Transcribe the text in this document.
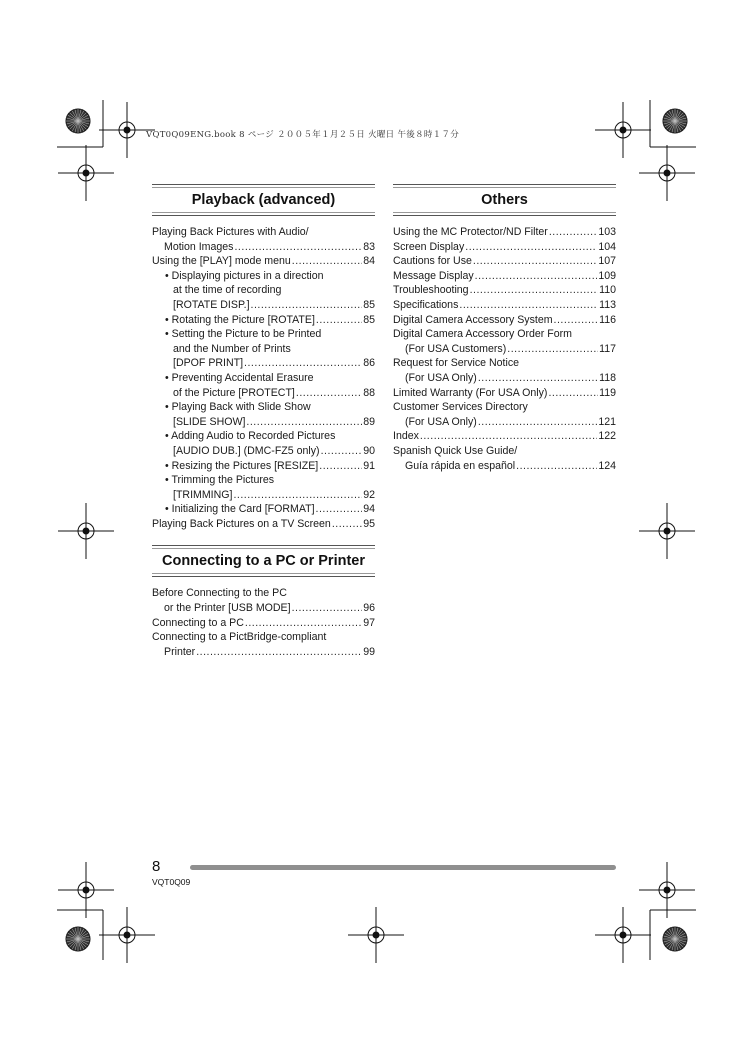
VQT0Q09ENG.book 8 ページ ２００５年１月２５日 火曜日 午後８時１７分
Playback (advanced)
Playing Back Pictures with Audio/
Motion Images .....	83
Using the [PLAY] mode menu .....	84
• Displaying pictures in a direction
at the time of recording
[ROTATE DISP.] .....	85
• Rotating the Picture [ROTATE] .....	85
• Setting the Picture to be Printed
and the Number of Prints
[DPOF PRINT] .....	86
• Preventing Accidental Erasure
of the Picture [PROTECT] .....	88
• Playing Back with Slide Show
[SLIDE SHOW] .....	89
• Adding Audio to Recorded Pictures
[AUDIO DUB.] (DMC-FZ5 only) .....	90
• Resizing the Pictures [RESIZE] .....	91
• Trimming the Pictures
[TRIMMING] .....	92
• Initializing the Card [FORMAT] .....	94
Playing Back Pictures on a TV Screen .....	95
Connecting to a PC or Printer
Before Connecting to the PC
or the Printer [USB MODE] .....	96
Connecting to a PC .....	97
Connecting to a PictBridge-compliant
Printer .....	99
Others
Using the MC Protector/ND Filter .....	103
Screen Display .....	104
Cautions for Use .....	107
Message Display .....	109
Troubleshooting .....	110
Specifications .....	113
Digital Camera Accessory System .....	116
Digital Camera Accessory Order Form
(For USA Customers) .....	117
Request for Service Notice
(For USA Only) .....	118
Limited Warranty (For USA Only) .....	119
Customer Services Directory
(For USA Only) .....	121
Index .....	122
Spanish Quick Use Guide/
Guía rápida en español .....	124
8
VQT0Q09
